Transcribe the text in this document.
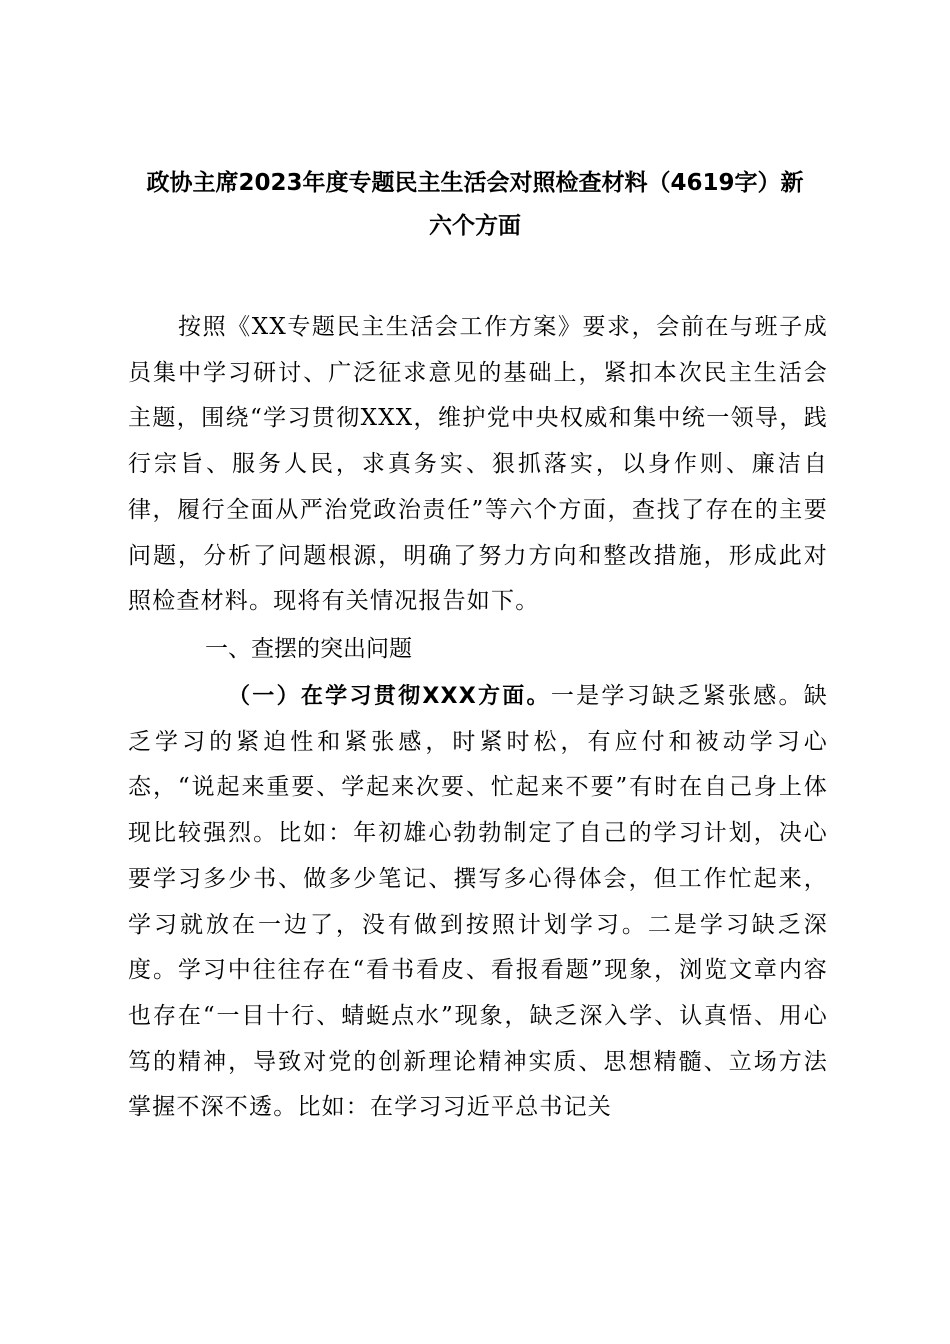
政协主席2023年度专题民主生活会对照检查材料（4619字）新
六个方面
按照《XX专题民主生活会工作方案》要求，会前在与班子成员集中学习研讨、广泛征求意见的基础上，紧扣本次民主生活会主题，围绕“学习贯彻XXX，维护党中央权威和集中统一领导，践行宗旨、服务人民，求真务实、狠抓落实，以身作则、廉洁自律，履行全面从严治党政治责任”等六个方面，查找了存在的主要问题，分析了问题根源，明确了努力方向和整改措施，形成此对照检查材料。现将有关情况报告如下。
一、查摆的突出问题
（一）在学习贯彻XXX方面。一是学习缺乏紧张感。缺乏学习的紧迫性和紧张感，时紧时松，有应付和被动学习心态，“说起来重要、学起来次要、忙起来不要”有时在自己身上体现比较强烈。比如：年初雄心勃勃制定了自己的学习计划，决心要学习多少书、做多少笔记、撰写多心得体会，但工作忙起来，学习就放在一边了，没有做到按照计划学习。二是学习缺乏深度。学习中往往存在“看书看皮、看报看题”现象，浏览文章内容也存在“一目十行、蜻蜓点水”现象，缺乏深入学、认真悟、用心笃的精神，导致对党的创新理论精神实质、思想精髓、立场方法掌握不深不透。比如：在学习习近平总书记关
